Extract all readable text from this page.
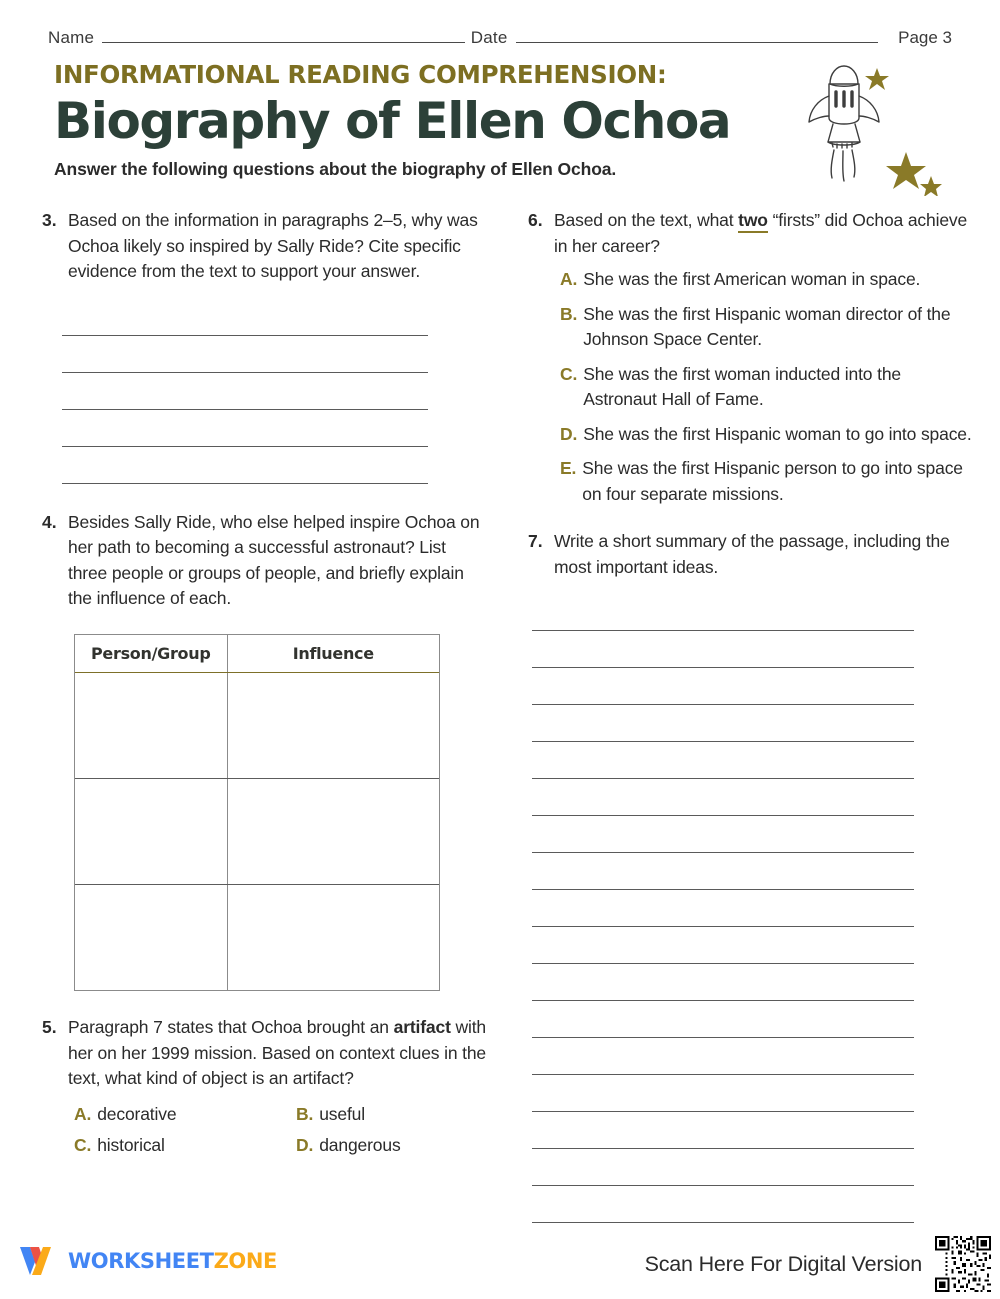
Name	Date	Page 3
INFORMATIONAL READING COMPREHENSION:
Biography of Ellen Ochoa
Answer the following questions about the biography of Ellen Ochoa.
3. Based on the information in paragraphs 2–5, why was Ochoa likely so inspired by Sally Ride? Cite specific evidence from the text to support your answer.
4. Besides Sally Ride, who else helped inspire Ochoa on her path to becoming a successful astronaut? List three people or groups of people, and briefly explain the influence of each.
Person/Group	Influence

5. Paragraph 7 states that Ochoa brought an artifact with her on her 1999 mission. Based on context clues in the text, what kind of object is an artifact?
A. decorative	B. useful
C. historical	D. dangerous
6. Based on the text, what two “firsts” did Ochoa achieve in her career?
A. She was the first American woman in space.
B. She was the first Hispanic woman director of the Johnson Space Center.
C. She was the first woman inducted into the Astronaut Hall of Fame.
D. She was the first Hispanic woman to go into space.
E. She was the first Hispanic person to go into space on four separate missions.
7. Write a short summary of the passage, including the most important ideas.
WORKSHEETZONE	Scan Here For Digital Version
